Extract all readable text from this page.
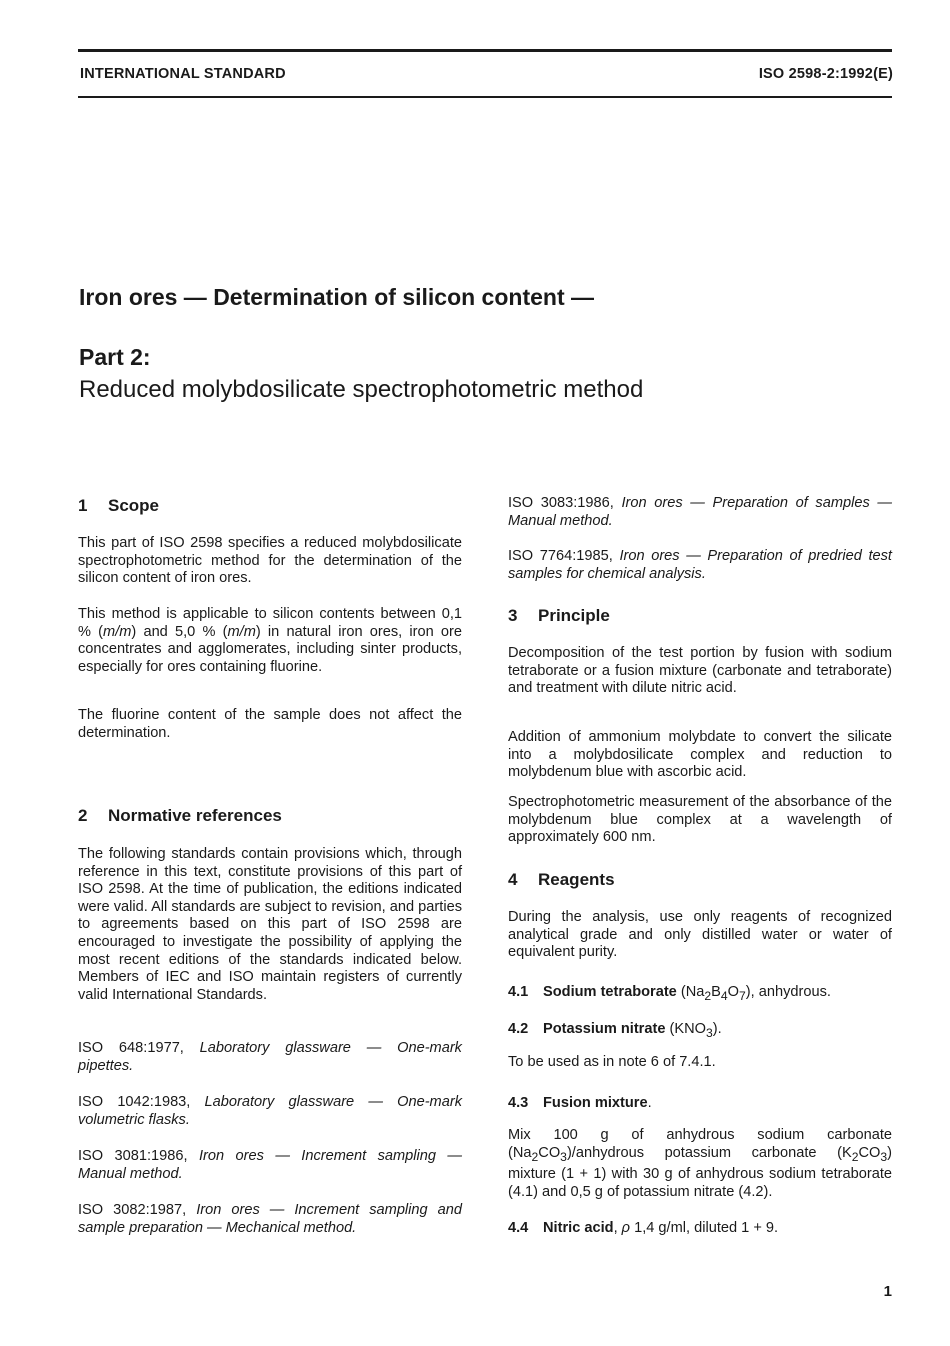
INTERNATIONAL STANDARD	ISO 2598-2:1992(E)
Iron ores — Determination of silicon content —
Part 2:
Reduced molybdosilicate spectrophotometric method
1 Scope

This part of ISO 2598 specifies a reduced molybdosilicate spectrophotometric method for the determination of the silicon content of iron ores.

This method is applicable to silicon contents between 0,1 % (m/m) and 5,0 % (m/m) in natural iron ores, iron ore concentrates and agglomerates, including sinter products, especially for ores containing fluorine.

The fluorine content of the sample does not affect the determination.

2 Normative references

The following standards contain provisions which, through reference in this text, constitute provisions of this part of ISO 2598. At the time of publication, the editions indicated were valid. All standards are subject to revision, and parties to agreements based on this part of ISO 2598 are encouraged to investigate the possibility of applying the most recent editions of the standards indicated below. Members of IEC and ISO maintain registers of currently valid International Standards.

ISO 648:1977, Laboratory glassware — One-mark pipettes.

ISO 1042:1983, Laboratory glassware — One-mark volumetric flasks.

ISO 3081:1986, Iron ores — Increment sampling — Manual method.

ISO 3082:1987, Iron ores — Increment sampling and sample preparation — Mechanical method.

ISO 3083:1986, Iron ores — Preparation of samples — Manual method.

ISO 7764:1985, Iron ores — Preparation of predried test samples for chemical analysis.

3 Principle

Decomposition of the test portion by fusion with sodium tetraborate or a fusion mixture (carbonate and tetraborate) and treatment with dilute nitric acid.

Addition of ammonium molybdate to convert the silicate into a molybdosilicate complex and reduction to molybdenum blue with ascorbic acid.

Spectrophotometric measurement of the absorbance of the molybdenum blue complex at a wavelength of approximately 600 nm.

4 Reagents

During the analysis, use only reagents of recognized analytical grade and only distilled water or water of equivalent purity.

4.1 Sodium tetraborate $(Na_2B_4O_7)$, anhydrous.

4.2 Potassium nitrate $(KNO_3)$.

To be used as in note 6 of 7.4.1.

4.3 Fusion mixture.

Mix 100 g of anhydrous sodium carbonate $(Na_2CO_3)$/anhydrous potassium carbonate $(K_2CO_3)$ mixture (1 + 1) with 30 g of anhydrous sodium tetraborate (4.1) and 0,5 g of potassium nitrate (4.2).

4.4 Nitric acid, ρ 1,4 g/ml, diluted 1 + 9.

1
